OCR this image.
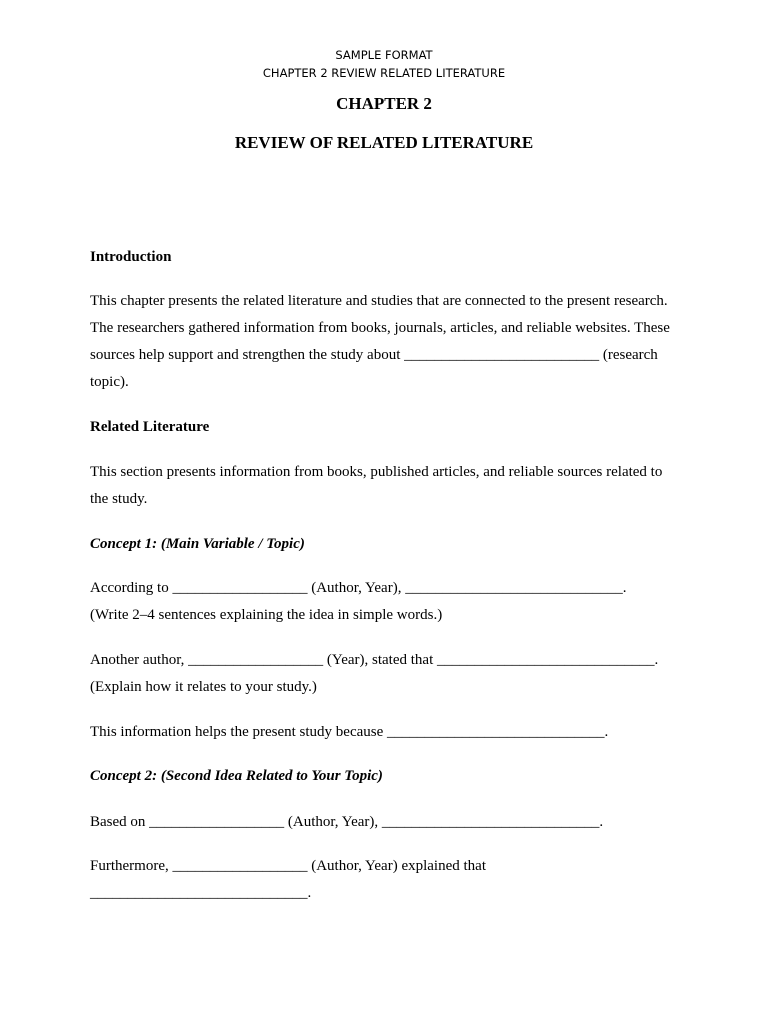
SAMPLE FORMAT
CHAPTER 2 REVIEW RELATED LITERATURE
CHAPTER 2
REVIEW OF RELATED LITERATURE
Introduction
This chapter presents the related literature and studies that are connected to the present research.
The researchers gathered information from books, journals, articles, and reliable websites. These
sources help support and strengthen the study about __________________________ (research
topic).
Related Literature
This section presents information from books, published articles, and reliable sources related to
the study.
Concept 1: (Main Variable / Topic)
According to __________________ (Author, Year), _____________________________.
(Write 2–4 sentences explaining the idea in simple words.)
Another author, __________________ (Year), stated that _____________________________.
(Explain how it relates to your study.)
This information helps the present study because _____________________________.
Concept 2: (Second Idea Related to Your Topic)
Based on __________________ (Author, Year), _____________________________.
Furthermore, __________________ (Author, Year) explained that
_____________________________.
